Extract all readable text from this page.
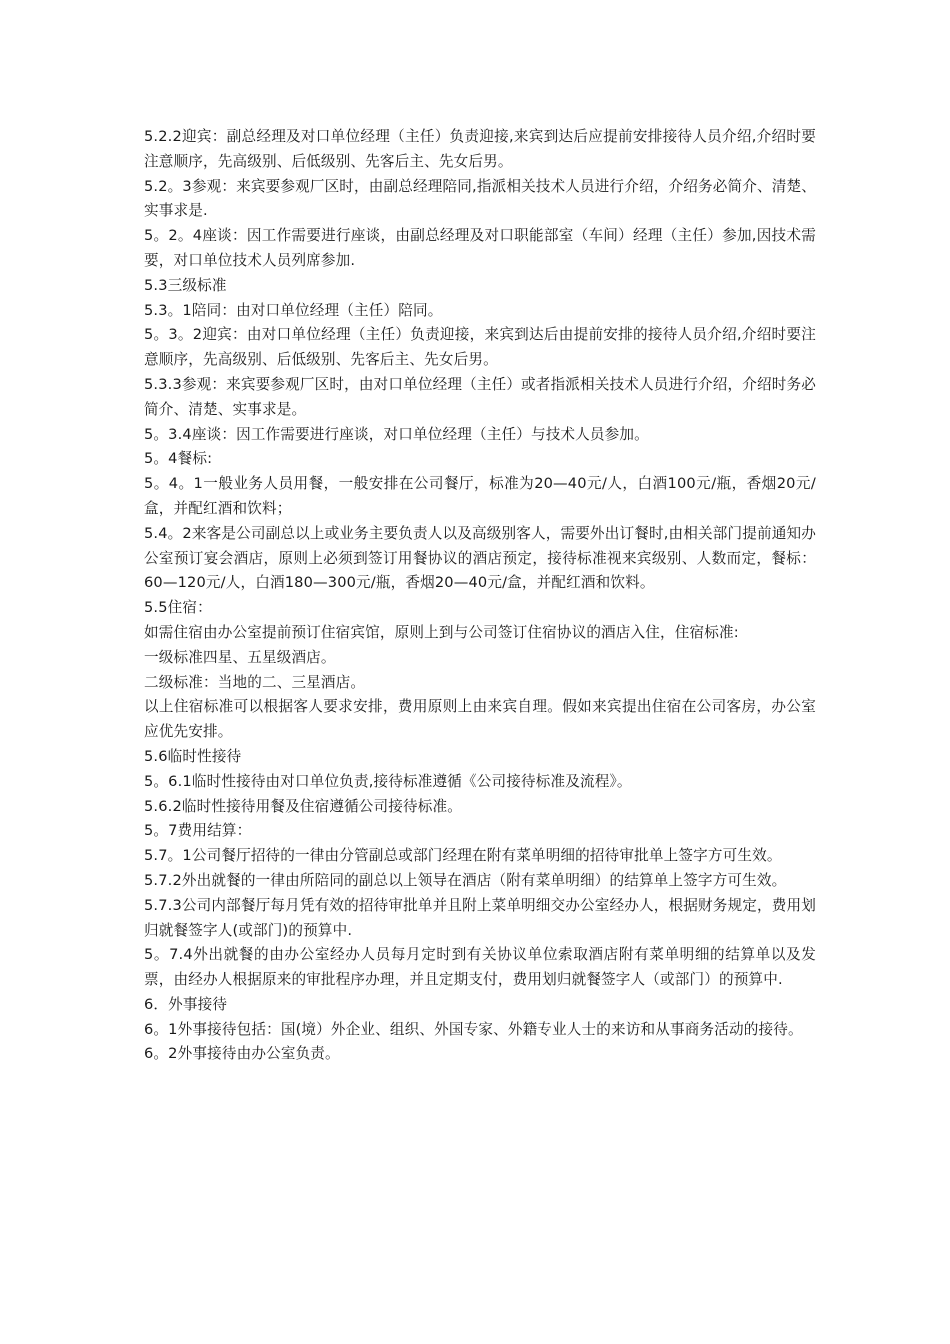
5.2.2迎宾：副总经理及对口单位经理（主任）负责迎接,来宾到达后应提前安排接待人员介绍,介绍时要注意顺序，先高级别、后低级别、先客后主、先女后男。

5.2。3参观：来宾要参观厂区时，由副总经理陪同,指派相关技术人员进行介绍，介绍务必简介、清楚、实事求是.

5。2。4座谈：因工作需要进行座谈，由副总经理及对口职能部室（车间）经理（主任）参加,因技术需要，对口单位技术人员列席参加.

5.3三级标准

5.3。1陪同：由对口单位经理（主任）陪同。

5。3。2迎宾：由对口单位经理（主任）负责迎接，来宾到达后由提前安排的接待人员介绍,介绍时要注意顺序，先高级别、后低级别、先客后主、先女后男。

5.3.3参观：来宾要参观厂区时，由对口单位经理（主任）或者指派相关技术人员进行介绍，介绍时务必简介、清楚、实事求是。

5。3.4座谈：因工作需要进行座谈，对口单位经理（主任）与技术人员参加。

5。4餐标:

5。4。1一般业务人员用餐，一般安排在公司餐厅，标准为20—40元/人，白酒100元/瓶，香烟20元/盒，并配红酒和饮料；

5.4。2来客是公司副总以上或业务主要负责人以及高级别客人，需要外出订餐时,由相关部门提前通知办公室预订宴会酒店，原则上必须到签订用餐协议的酒店预定，接待标准视来宾级别、人数而定，餐标：60—120元/人，白酒180—300元/瓶，香烟20—40元/盒，并配红酒和饮料。

5.5住宿：

如需住宿由办公室提前预订住宿宾馆，原则上到与公司签订住宿协议的酒店入住，住宿标准:

一级标准四星、五星级酒店。

二级标准：当地的二、三星酒店。

以上住宿标准可以根据客人要求安排，费用原则上由来宾自理。假如来宾提出住宿在公司客房，办公室应优先安排。

5.6临时性接待

5。6.1临时性接待由对口单位负责,接待标准遵循《公司接待标准及流程》。

5.6.2临时性接待用餐及住宿遵循公司接待标准。

5。7费用结算：

5.7。1公司餐厅招待的一律由分管副总或部门经理在附有菜单明细的招待审批单上签字方可生效。

5.7.2外出就餐的一律由所陪同的副总以上领导在酒店（附有菜单明细）的结算单上签字方可生效。

5.7.3公司内部餐厅每月凭有效的招待审批单并且附上菜单明细交办公室经办人，根据财务规定，费用划归就餐签字人(或部门)的预算中.

5。7.4外出就餐的由办公室经办人员每月定时到有关协议单位索取酒店附有菜单明细的结算单以及发票，由经办人根据原来的审批程序办理，并且定期支付，费用划归就餐签字人（或部门）的预算中.

6．外事接待

6。1外事接待包括：国(境）外企业、组织、外国专家、外籍专业人士的来访和从事商务活动的接待。

6。2外事接待由办公室负责。
